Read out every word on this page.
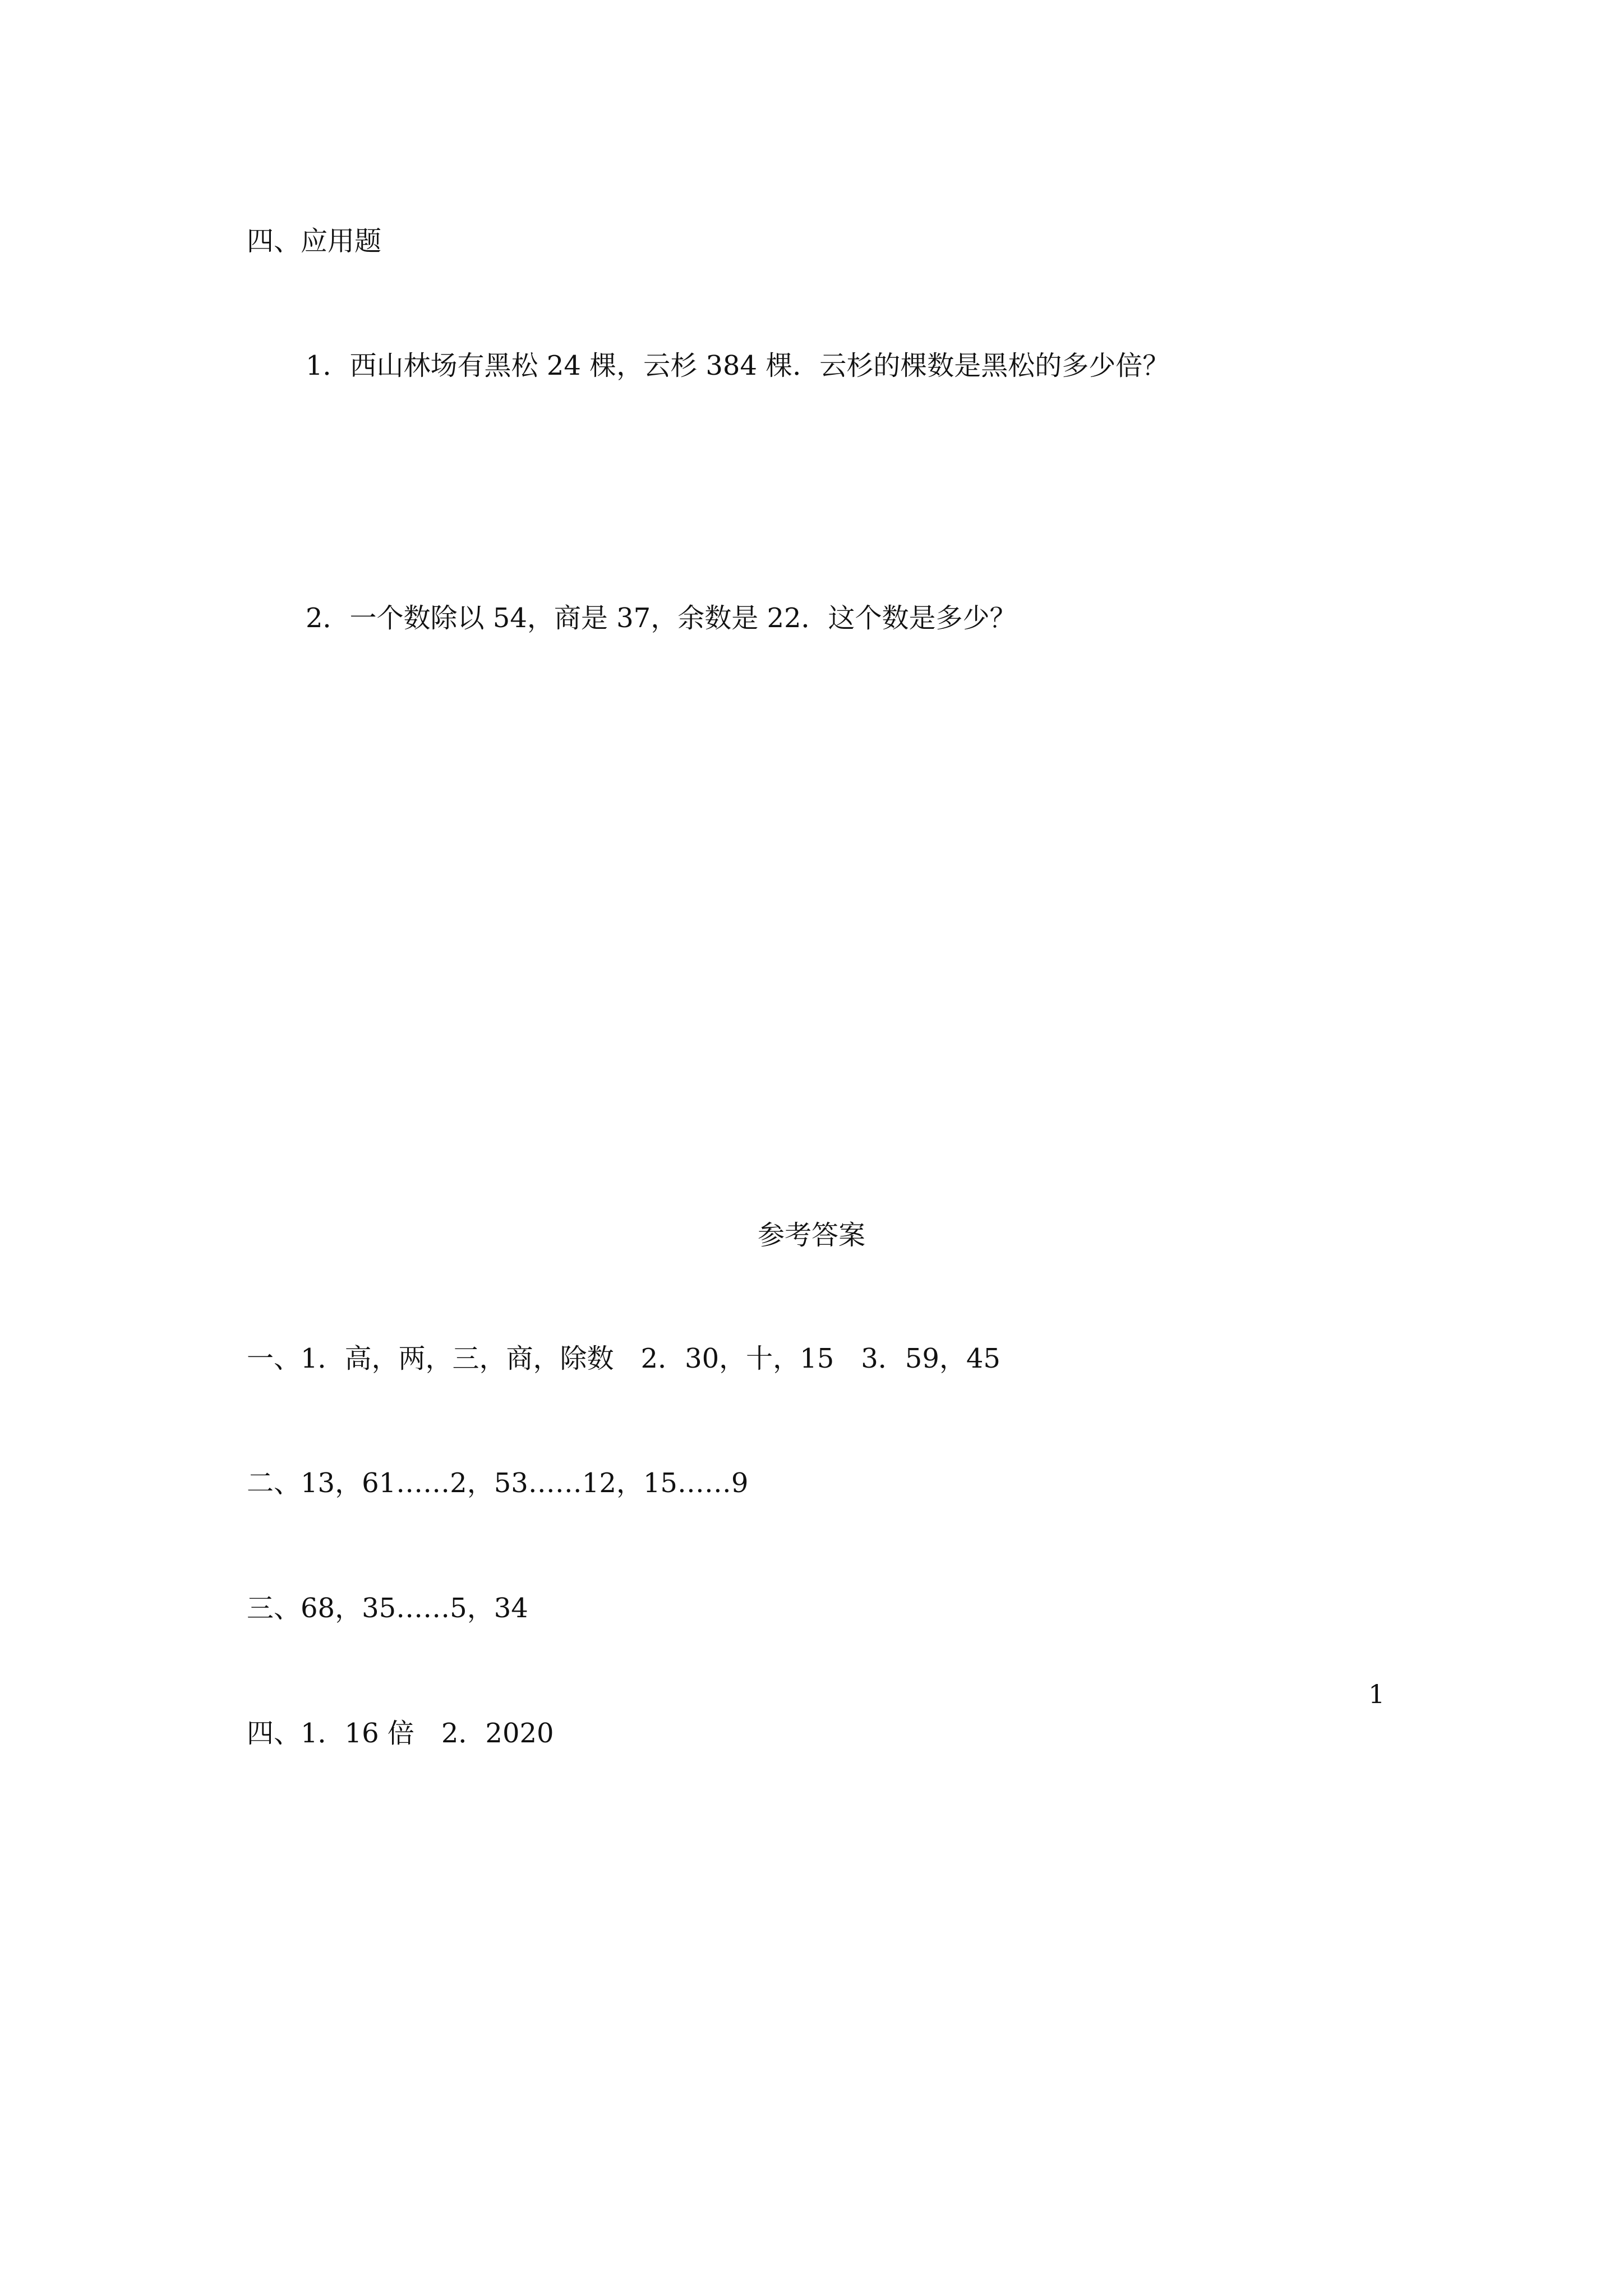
四、应用题

1．西山林场有黑松 24 棵，云杉 384 棵．云杉的棵数是黑松的多少倍？

2．一个数除以 54，商是 37，余数是 22．这个数是多少？

参考答案

一、1．高，两，三，商，除数　2．30，十，15　3．59，45

二、13，61……2，53……12，15……9

三、68，35……5，34

四、1．16 倍　2．2020

1
